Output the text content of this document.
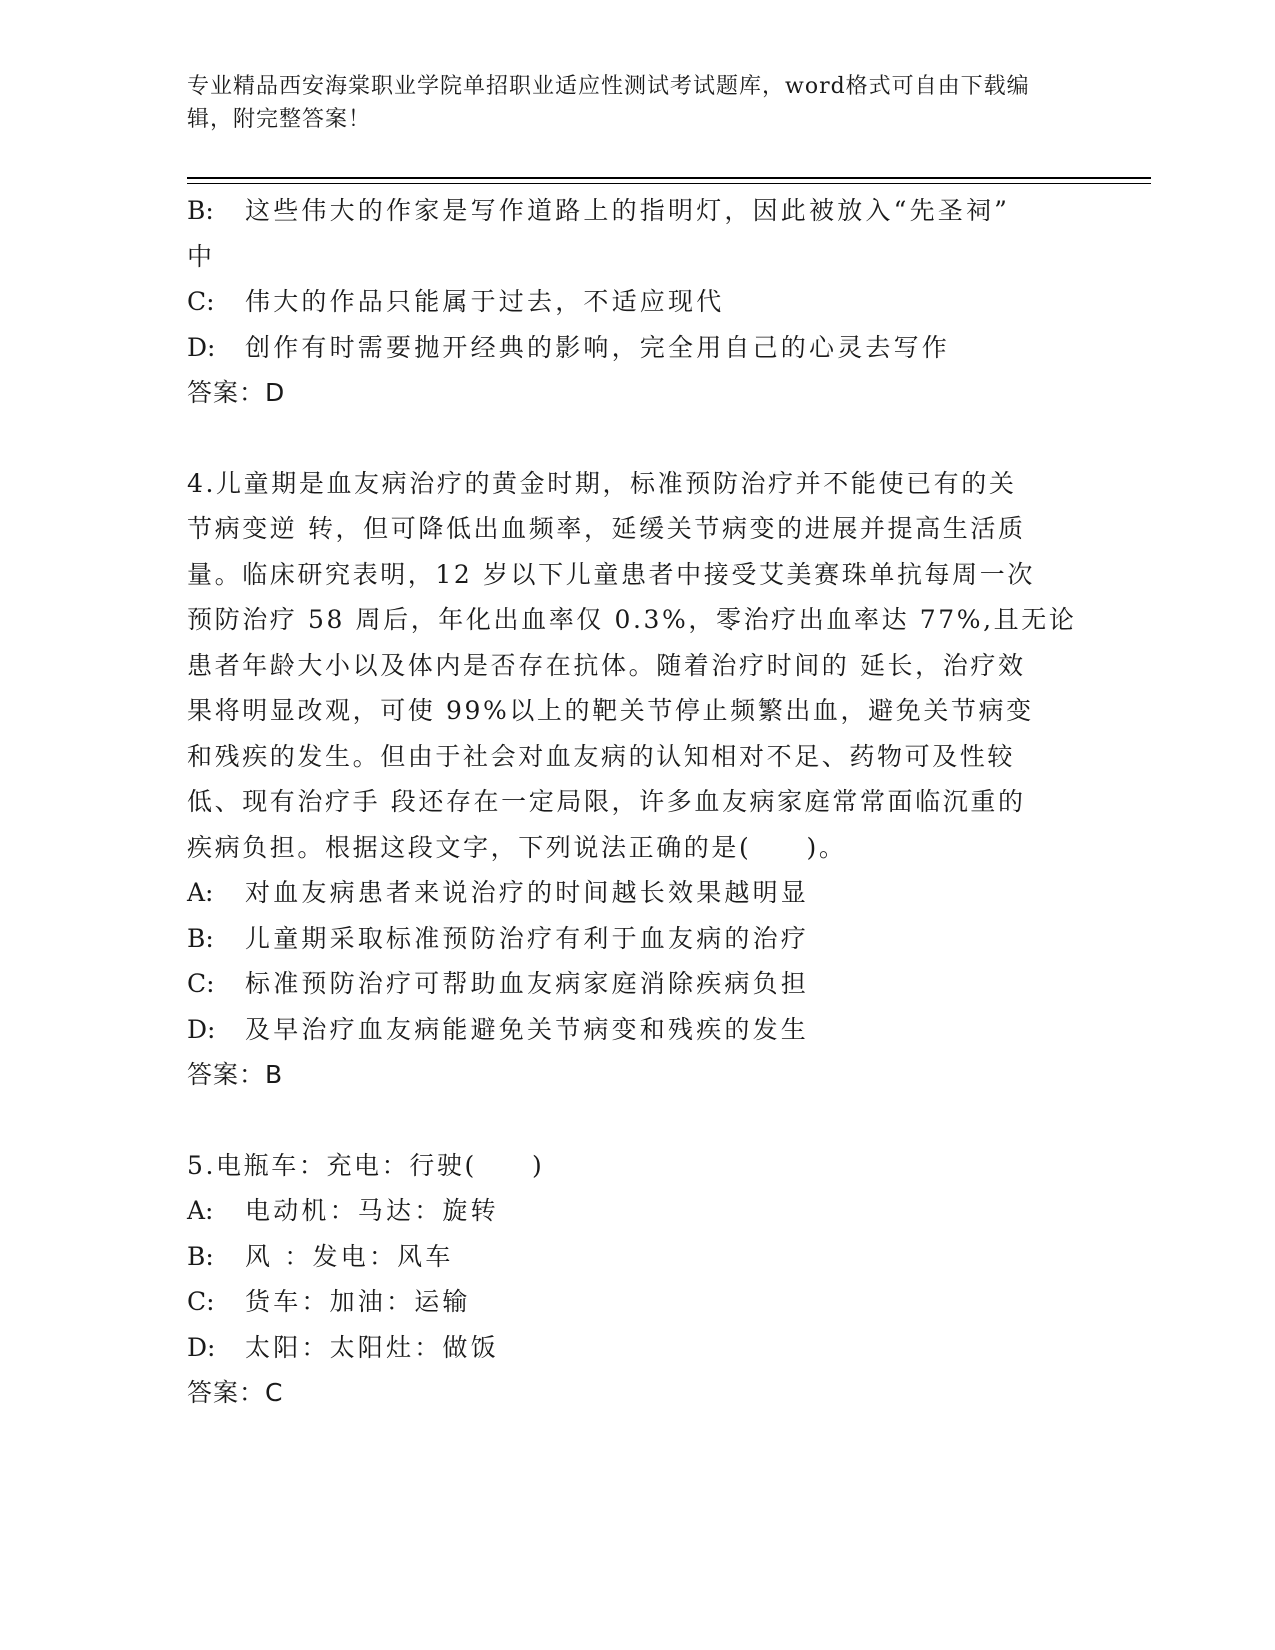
专业精品西安海棠职业学院单招职业适应性测试考试题库，word格式可自由下载编辑，附完整答案！
B:	这些伟大的作家是写作道路上的指明灯，因此被放入“先圣祠”
中
C:	伟大的作品只能属于过去，不适应现代
D:	创作有时需要抛开经典的影响，完全用自己的心灵去写作
答案：D
4.儿童期是血友病治疗的黄金时期，标准预防治疗并不能使已有的关
节病变逆 转，但可降低出血频率，延缓关节病变的进展并提高生活质
量。临床研究表明，12 岁以下儿童患者中接受艾美赛珠单抗每周一次
预防治疗 58 周后，年化出血率仅 0.3%，零治疗出血率达 77%,且无论
患者年龄大小以及体内是否存在抗体。随着治疗时间的 延长，治疗效
果将明显改观，可使 99%以上的靶关节停止频繁出血，避免关节病变
和残疾的发生。但由于社会对血友病的认知相对不足、药物可及性较
低、现有治疗手 段还存在一定局限，许多血友病家庭常常面临沉重的
疾病负担。根据这段文字，下列说法正确的是(　　)。
A:	对血友病患者来说治疗的时间越长效果越明显
B:	儿童期采取标准预防治疗有利于血友病的治疗
C:	标准预防治疗可帮助血友病家庭消除疾病负担
D:	及早治疗血友病能避免关节病变和残疾的发生
答案：B
5.电瓶车：充电：行驶(　　)
A:	电动机：马达：旋转
B:	风 ：发电：风车
C:	货车：加油：运输
D:	太阳：太阳灶：做饭
答案：C
